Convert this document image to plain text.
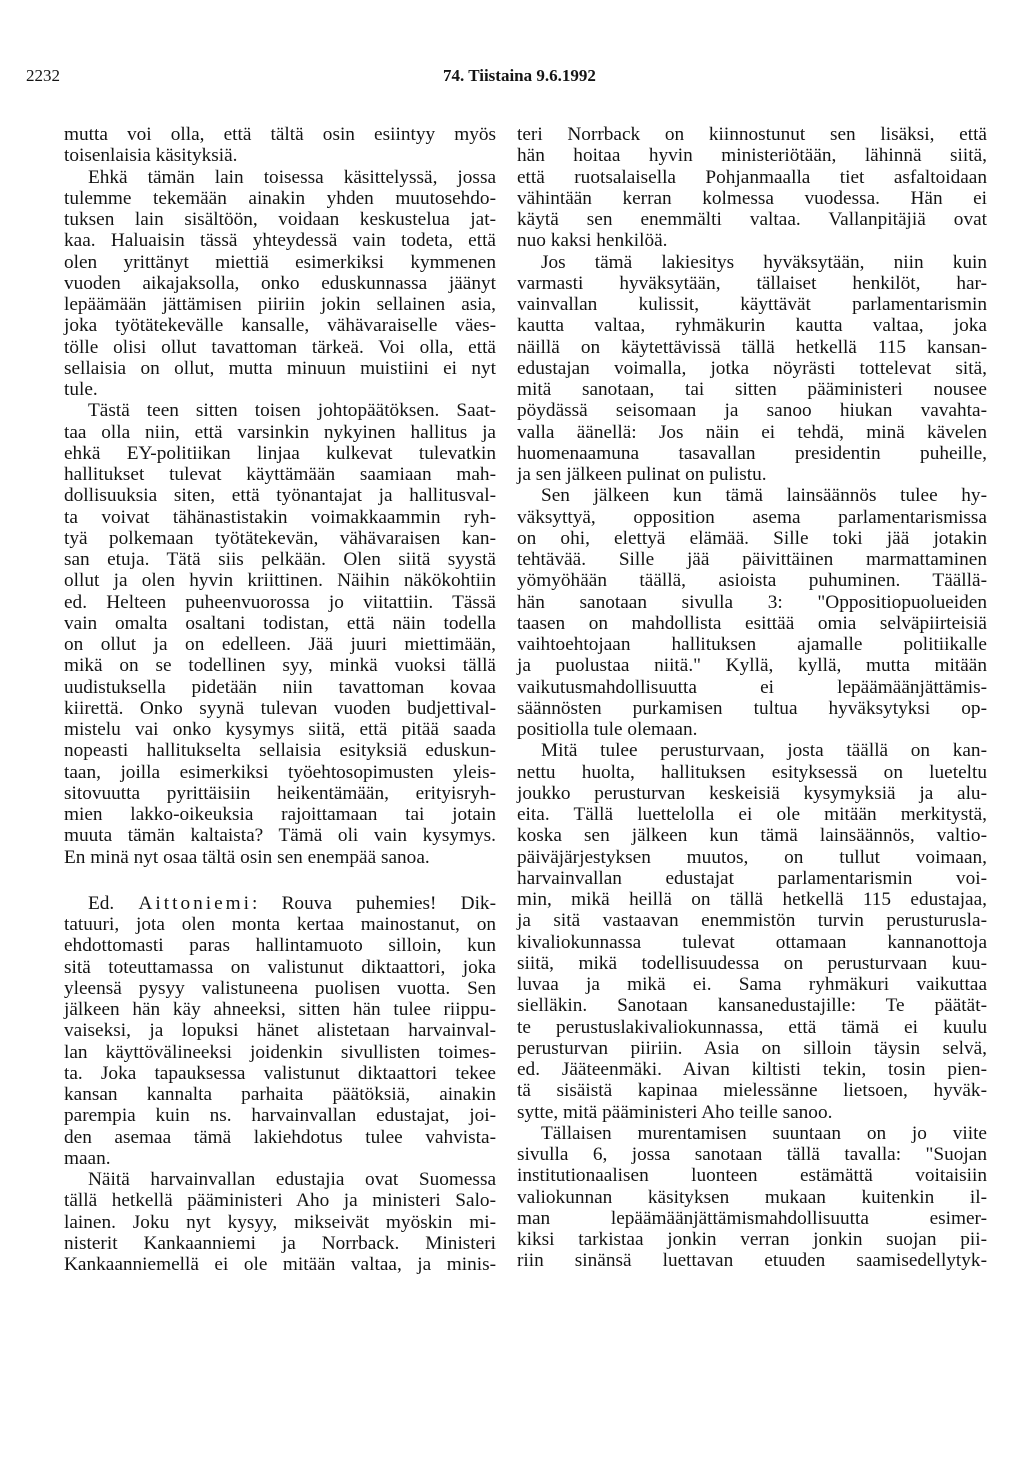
2232	74. Tiistaina 9.6.1992
mutta voi olla, että tältä osin esiintyy myös
toisenlaisia käsityksiä.
Ehkä tämän lain toisessa käsittelyssä, jossa
tulemme tekemään ainakin yhden muutosehdo-
tuksen lain sisältöön, voidaan keskustelua jat-
kaa. Haluaisin tässä yhteydessä vain todeta, että
olen yrittänyt miettiä esimerkiksi kymmenen
vuoden aikajaksolla, onko eduskunnassa jäänyt
lepäämään jättämisen piiriin jokin sellainen asia,
joka työtätekevälle kansalle, vähävaraiselle väes-
tölle olisi ollut tavattoman tärkeä. Voi olla, että
sellaisia on ollut, mutta minuun muistiini ei nyt
tule.
Tästä teen sitten toisen johtopäätöksen. Saat-
taa olla niin, että varsinkin nykyinen hallitus ja
ehkä EY-politiikan linjaa kulkevat tulevatkin
hallitukset tulevat käyttämään saamiaan mah-
dollisuuksia siten, että työnantajat ja hallitusval-
ta voivat tähänastistakin voimakkaammin ryh-
tyä polkemaan työtätekevän, vähävaraisen kan-
san etuja. Tätä siis pelkään. Olen siitä syystä
ollut ja olen hyvin kriittinen. Näihin näkökohtiin
ed. Helteen puheenvuorossa jo viitattiin. Tässä
vain omalta osaltani todistan, että näin todella
on ollut ja on edelleen. Jää juuri miettimään,
mikä on se todellinen syy, minkä vuoksi tällä
uudistuksella pidetään niin tavattoman kovaa
kiirettä. Onko syynä tulevan vuoden budjettival-
mistelu vai onko kysymys siitä, että pitää saada
nopeasti hallitukselta sellaisia esityksiä eduskun-
taan, joilla esimerkiksi työehtosopimusten yleis-
sitovuutta pyrittäisiin heikentämään, erityisryh-
mien lakko-oikeuksia rajoittamaan tai jotain
muuta tämän kaltaista? Tämä oli vain kysymys.
En minä nyt osaa tältä osin sen enempää sanoa.
Ed. Aittoniemi: Rouva puhemies! Dik-
tatuuri, jota olen monta kertaa mainostanut, on
ehdottomasti paras hallintamuoto silloin, kun
sitä toteuttamassa on valistunut diktaattori, joka
yleensä pysyy valistuneena puolisen vuotta. Sen
jälkeen hän käy ahneeksi, sitten hän tulee riippu-
vaiseksi, ja lopuksi hänet alistetaan harvainval-
lan käyttövälineeksi joidenkin sivullisten toimes-
ta. Joka tapauksessa valistunut diktaattori tekee
kansan kannalta parhaita päätöksiä, ainakin
parempia kuin ns. harvainvallan edustajat, joi-
den asemaa tämä lakiehdotus tulee vahvista-
maan.
Näitä harvainvallan edustajia ovat Suomessa
tällä hetkellä pääministeri Aho ja ministeri Salo-
lainen. Joku nyt kysyy, mikseivät myöskin mi-
nisterit Kankaanniemi ja Norrback. Ministeri
Kankaanniemellä ei ole mitään valtaa, ja minis-
teri Norrback on kiinnostunut sen lisäksi, että
hän hoitaa hyvin ministeriötään, lähinnä siitä,
että ruotsalaisella Pohjanmaalla tiet asfaltoidaan
vähintään kerran kolmessa vuodessa. Hän ei
käytä sen enemmälti valtaa. Vallanpitäjiä ovat
nuo kaksi henkilöä.
Jos tämä lakiesitys hyväksytään, niin kuin
varmasti hyväksytään, tällaiset henkilöt, har-
vainvallan kulissit, käyttävät parlamentarismin
kautta valtaa, ryhmäkurin kautta valtaa, joka
näillä on käytettävissä tällä hetkellä 115 kansan-
edustajan voimalla, jotka nöyrästi tottelevat sitä,
mitä sanotaan, tai sitten pääministeri nousee
pöydässä seisomaan ja sanoo hiukan vavahta-
valla äänellä: Jos näin ei tehdä, minä kävelen
huomenaamuna tasavallan presidentin puheille,
ja sen jälkeen pulinat on pulistu.
Sen jälkeen kun tämä lainsäännös tulee hy-
väksyttyä, opposition asema parlamentarismissa
on ohi, elettyä elämää. Sille toki jää jotakin
tehtävää. Sille jää päivittäinen marmattaminen
yömyöhään täällä, asioista puhuminen. Täällä-
hän sanotaan sivulla 3: "Oppositiopuolueiden
taasen on mahdollista esittää omia selväpiirteisiä
vaihtoehtojaan hallituksen ajamalle politiikalle
ja puolustaa niitä." Kyllä, kyllä, mutta mitään
vaikutusmahdollisuutta ei lepäämäänjättämis-
säännösten purkamisen tultua hyväksytyksi op-
positiolla tule olemaan.
Mitä tulee perusturvaan, josta täällä on kan-
nettu huolta, hallituksen esityksessä on lueteltu
joukko perusturvan keskeisiä kysymyksiä ja alu-
eita. Tällä luettelolla ei ole mitään merkitystä,
koska sen jälkeen kun tämä lainsäännös, valtio-
päiväjärjestyksen muutos, on tullut voimaan,
harvainvallan edustajat parlamentarismin voi-
min, mikä heillä on tällä hetkellä 115 edustajaa,
ja sitä vastaavan enemmistön turvin perusturusla-
kivaliokunnassa tulevat ottamaan kannanottoja
siitä, mikä todellisuudessa on perusturvaan kuu-
luvaa ja mikä ei. Sama ryhmäkuri vaikuttaa
sielläkin. Sanotaan kansanedustajille: Te päätät-
te perustuslakivaliokunnassa, että tämä ei kuulu
perusturvan piiriin. Asia on silloin täysin selvä,
ed. Jääteenmäki. Aivan kiltisti tekin, tosin pien-
tä sisäistä kapinaa mielessänne lietsoen, hyväk-
sytte, mitä pääministeri Aho teille sanoo.
Tällaisen murentamisen suuntaan on jo viite
sivulla 6, jossa sanotaan tällä tavalla: "Suojan
institutionaalisen luonteen estämättä voitaisiin
valiokunnan käsityksen mukaan kuitenkin il-
man lepäämäänjättämismahdollisuutta esimer-
kiksi tarkistaa jonkin verran jonkin suojan pii-
riin sinänsä luettavan etuuden saamisedellytyk-
